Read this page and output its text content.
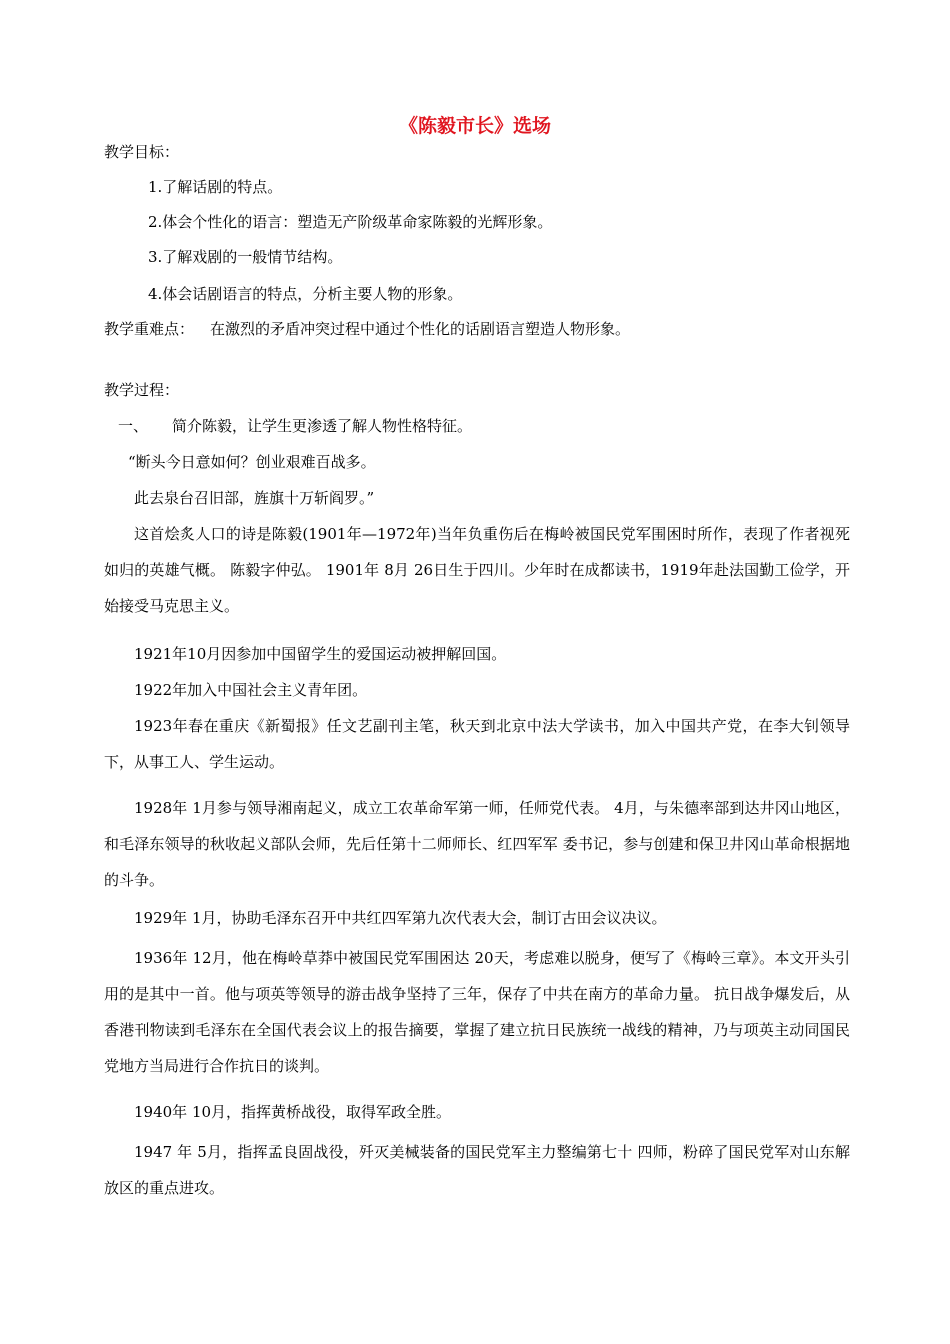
《陈毅市长》选场
教学目标：
1.了解话剧的特点。
2.体会个性化的语言：塑造无产阶级革命家陈毅的光辉形象。
3.了解戏剧的一般情节结构。
4.体会话剧语言的特点，分析主要人物的形象。
教学重难点： 在激烈的矛盾冲突过程中通过个性化的话剧语言塑造人物形象。
教学过程：
一、 简介陈毅，让学生更渗透了解人物性格特征。
“断头今日意如何？创业艰难百战多。
此去泉台召旧部，旌旗十万斩阎罗。”
这首烩炙人口的诗是陈毅(1901年—1972年)当年负重伤后在梅岭被国民党军围困时所作，表现了作者视死如归的英雄气概。 陈毅字仲弘。 1901年 8月 26日生于四川。少年时在成都读书，1919年赴法国勤工俭学，开始接受马克思主义。
1921年10月因参加中国留学生的爱国运动被押解回国。
1922年加入中国社会主义青年团。
1923年春在重庆《新蜀报》任文艺副刊主笔，秋天到北京中法大学读书，加入中国共产党，在李大钊领导下，从事工人、学生运动。
1928年 1月参与领导湘南起义，成立工农革命军第一师，任师党代表。 4月，与朱德率部到达井冈山地区，和毛泽东领导的秋收起义部队会师，先后任第十二师师长、红四军军 委书记，参与创建和保卫井冈山革命根据地的斗争。
1929年 1月，协助毛泽东召开中共红四军第九次代表大会，制订古田会议决议。
1936年 12月，他在梅岭草莽中被国民党军围困达 20天，考虑难以脱身，便写了《梅岭三章》。本文开头引用的是其中一首。他与项英等领导的游击战争坚持了三年，保存了中共在南方的革命力量。 抗日战争爆发后，从香港刊物读到毛泽东在全国代表会议上的报告摘要，掌握了建立抗日民族统一战线的精神，乃与项英主动同国民党地方当局进行合作抗日的谈判。
1940年 10月，指挥黄桥战役，取得军政全胜。
1947 年 5月，指挥孟良固战役，歼灭美械装备的国民党军主力整编第七十 四师，粉碎了国民党军对山东解放区的重点进攻。
